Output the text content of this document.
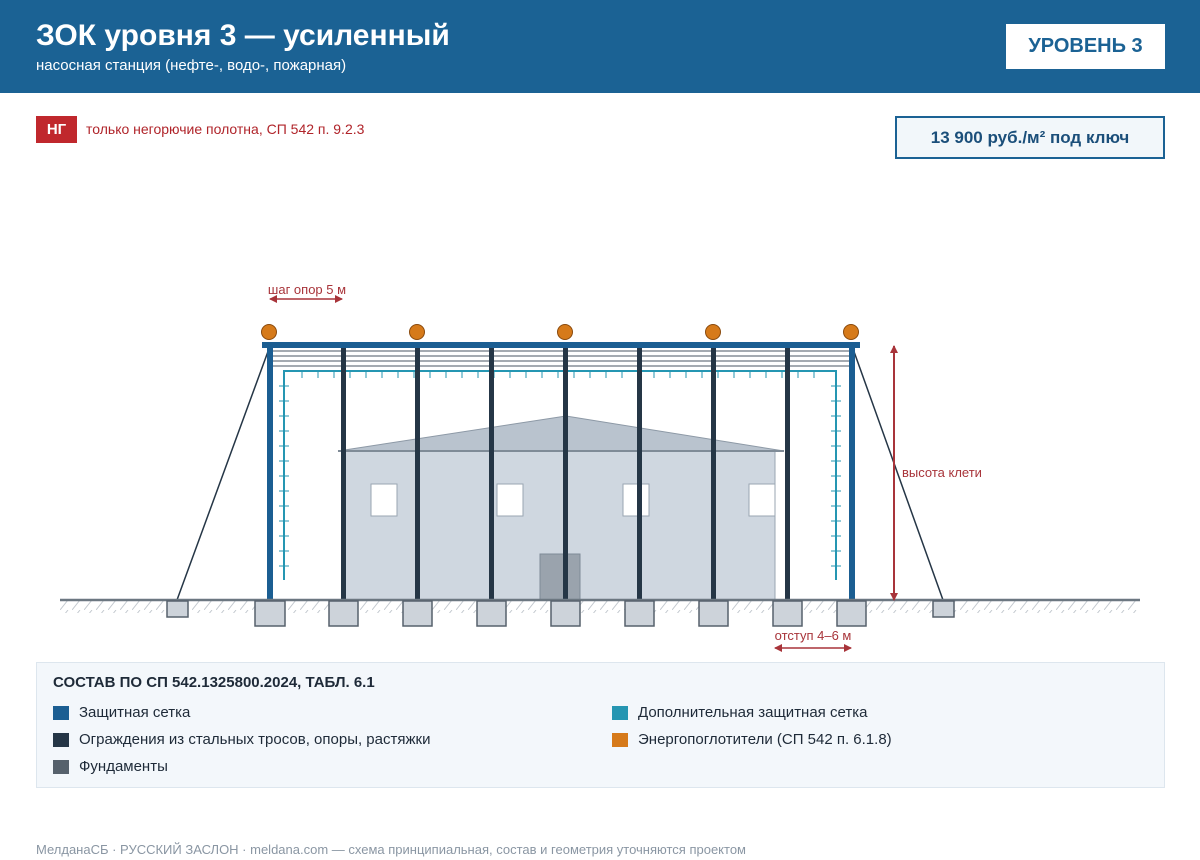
ЗОК уровня 3 — усиленный
насосная станция (нефте-, водо-, пожарная)
УРОВЕНЬ 3
НГ	только негорючие полотна, СП 542 п. 9.2.3	13 900 руб./м² под ключ
шаг опор 5 м
высота клети
отступ 4–6 м
СОСТАВ ПО СП 542.1325800.2024, ТАБЛ. 6.1
Защитная сетка
Ограждения из стальных тросов, опоры, растяжки
Фундаменты
Дополнительная защитная сетка
Энергопоглотители (СП 542 п. 6.1.8)
МелданаСБ · РУССКИЙ ЗАСЛОН · meldana.com — схема принципиальная, состав и геометрия уточняются проектом
